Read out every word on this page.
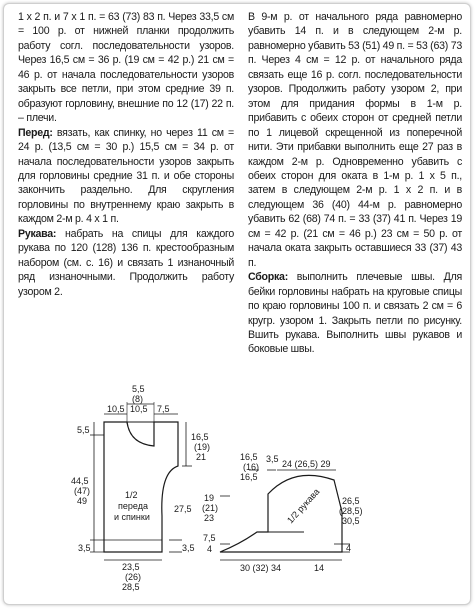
1 х 2 п. и 7 х 1 п. = 63 (73) 83 п. Через 33,5 см = 100 р. от нижней планки продолжить работу согл. последовательности узоров. Через 16,5 см = 36 р. (19 см = 42 р.) 21 см = 46 р. от начала последовательности узоров закрыть все петли, при этом средние 39 п. образуют горловину, внешние по 12 (17) 22 п. – плечи.

Перед: вязать, как спинку, но через 11 см = 24 р. (13,5 см = 30 р.) 15,5 см = 34 р. от начала последовательности узоров закрыть для горловины средние 31 п. и обе стороны закончить раздельно. Для скругления горловины по внутреннему краю закрыть в каждом 2-м р. 4 х 1 п.

Рукава: набрать на спицы для каждого рукава по 120 (128) 136 п. крестообразным набором (см. с. 16) и связать 1 изнаночный ряд изнаночными. Продолжить работу узором 2.

В 9-м р. от начального ряда равномерно убавить 14 п. и в следующем 2-м р. равномерно убавить 53 (51) 49 п. = 53 (63) 73 п. Через 4 см = 12 р. от начального ряда связать еще 16 р. согл. последовательности узоров. Продолжить работу узором 2, при этом для придания формы в 1-м р. прибавить с обеих сторон от средней петли по 1 лицевой скрещенной из поперечной нити. Эти прибавки выполнить еще 27 раз в каждом 2-м р. Одновременно убавить с обеих сторон для оката в 1-м р. 1 х 5 п., затем в следующем 2-м р. 1 х 2 п. и в следующем 36 (40) 44-м р. равномерно убавить 62 (68) 74 п. = 33 (37) 41 п. Через 19 см = 42 р. (21 см = 46 р.) 23 см = 50 р. от начала оката закрыть оставшиеся 33 (37) 43 п.

Сборка: выполнить плечевые швы. Для бейки горловины набрать на круговые спицы по краю горловины 100 п. и связать 2 см = 6 кругр. узором 1. Закрыть петли по рисунку. Вшить рукава. Выполнить швы рукавов и боковые швы.

10,5
5,5
(8)
10,5 7,5
5,5
44,5
(47)
49
3,5
16,5
(19)
21
27,5
3,5
1/2
переда
и спинки
23,5
(26)
28,5
16,5
(16)
16,5
3,5 24 (26,5) 29
19
(21)
23
7,5
4
26,5
(28,5)
30,5
4
1/2 рукава
30 (32) 34	14
